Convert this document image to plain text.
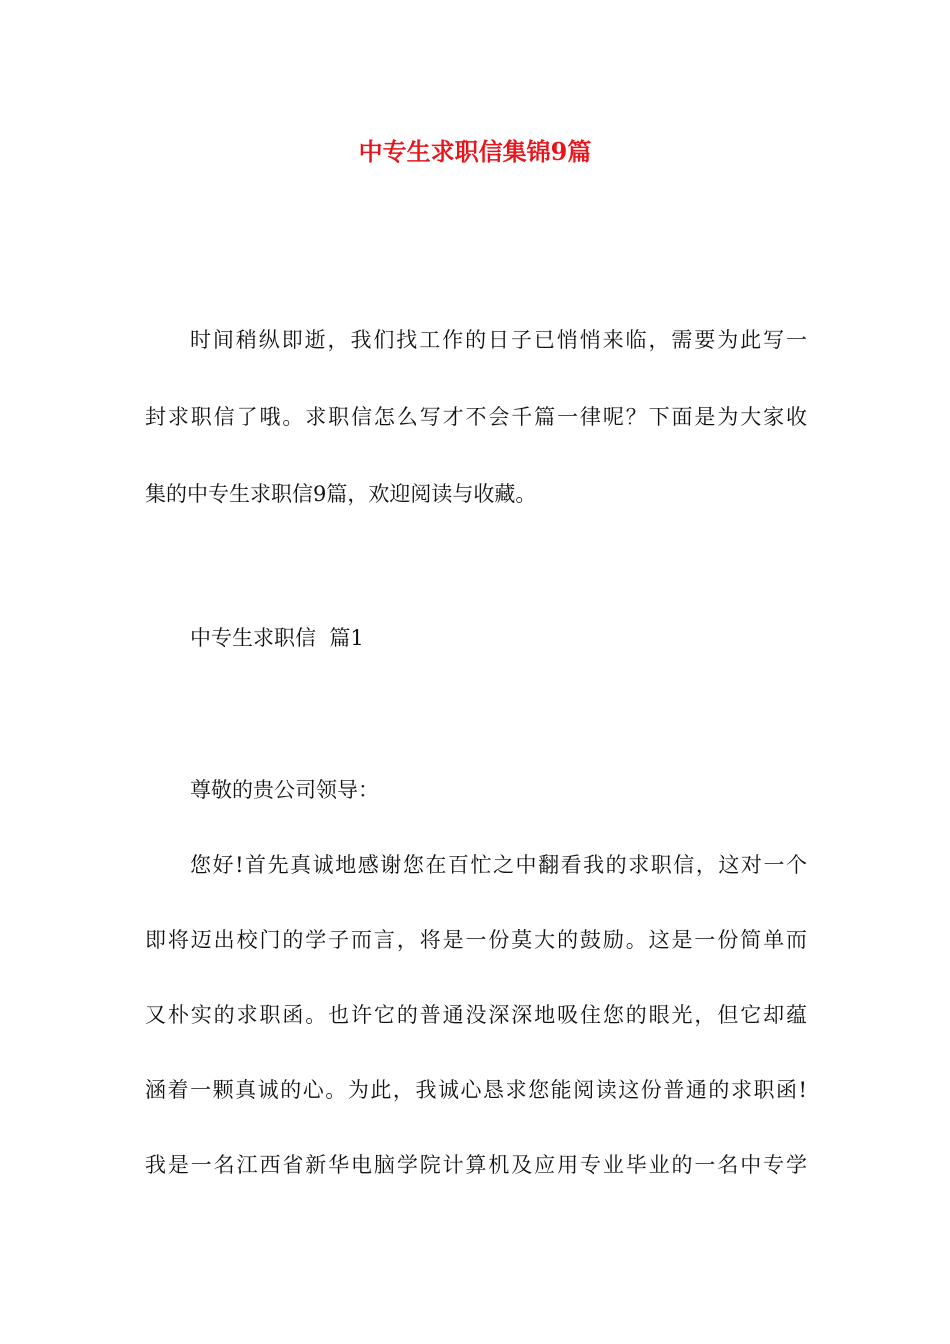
中专生求职信集锦9篇
时间稍纵即逝，我们找工作的日子已悄悄来临，需要为此写一
封求职信了哦。求职信怎么写才不会千篇一律呢？下面是为大家收
集的中专生求职信9篇，欢迎阅读与收藏。
中专生求职信  篇1
尊敬的贵公司领导：
您好!首先真诚地感谢您在百忙之中翻看我的求职信，这对一个
即将迈出校门的学子而言，将是一份莫大的鼓励。这是一份简单而
又朴实的求职函。也许它的普通没深深地吸住您的眼光，但它却蕴
涵着一颗真诚的心。为此，我诚心恳求您能阅读这份普通的求职函!
我是一名江西省新华电脑学院计算机及应用专业毕业的一名中专学
